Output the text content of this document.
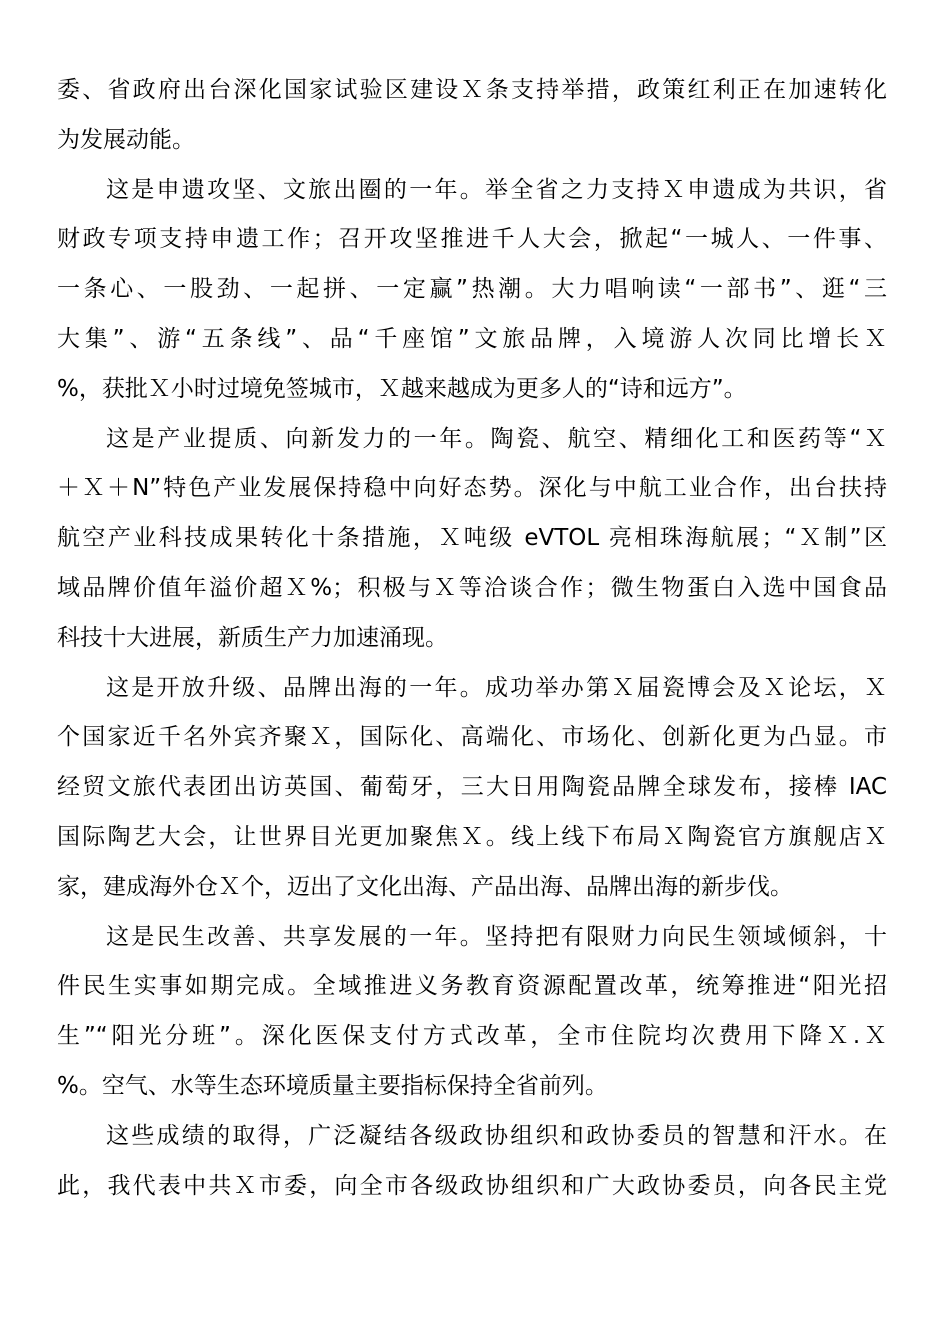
委、省政府出台深化国家试验区建设Ｘ条支持举措，政策红利正在加速转化
为发展动能。
这是申遗攻坚、文旅出圈的一年。举全省之力支持Ｘ申遗成为共识，省
财政专项支持申遗工作；召开攻坚推进千人大会，掀起“一城人、一件事、
一条心、一股劲、一起拼、一定赢”热潮。大力唱响读“一部书”、逛“三
大集”、游“五条线”、品“千座馆”文旅品牌，入境游人次同比增长Ｘ
%，获批Ｘ小时过境免签城市，Ｘ越来越成为更多人的“诗和远方”。
这是产业提质、向新发力的一年。陶瓷、航空、精细化工和医药等“Ｘ
＋Ｘ＋N”特色产业发展保持稳中向好态势。深化与中航工业合作，出台扶持
航空产业科技成果转化十条措施，Ｘ吨级 eVTOL 亮相珠海航展；“Ｘ制”区
域品牌价值年溢价超Ｘ%；积极与Ｘ等洽谈合作；微生物蛋白入选中国食品
科技十大进展，新质生产力加速涌现。
这是开放升级、品牌出海的一年。成功举办第Ｘ届瓷博会及Ｘ论坛，Ｘ
个国家近千名外宾齐聚Ｘ，国际化、高端化、市场化、创新化更为凸显。市
经贸文旅代表团出访英国、葡萄牙，三大日用陶瓷品牌全球发布，接棒 IAC
国际陶艺大会，让世界目光更加聚焦Ｘ。线上线下布局Ｘ陶瓷官方旗舰店Ｘ
家，建成海外仓Ｘ个，迈出了文化出海、产品出海、品牌出海的新步伐。
这是民生改善、共享发展的一年。坚持把有限财力向民生领域倾斜，十
件民生实事如期完成。全域推进义务教育资源配置改革，统筹推进“阳光招
生”“阳光分班”。深化医保支付方式改革，全市住院均次费用下降Ｘ.Ｘ
%。空气、水等生态环境质量主要指标保持全省前列。
这些成绩的取得，广泛凝结各级政协组织和政协委员的智慧和汗水。在
此，我代表中共Ｘ市委，向全市各级政协组织和广大政协委员，向各民主党
